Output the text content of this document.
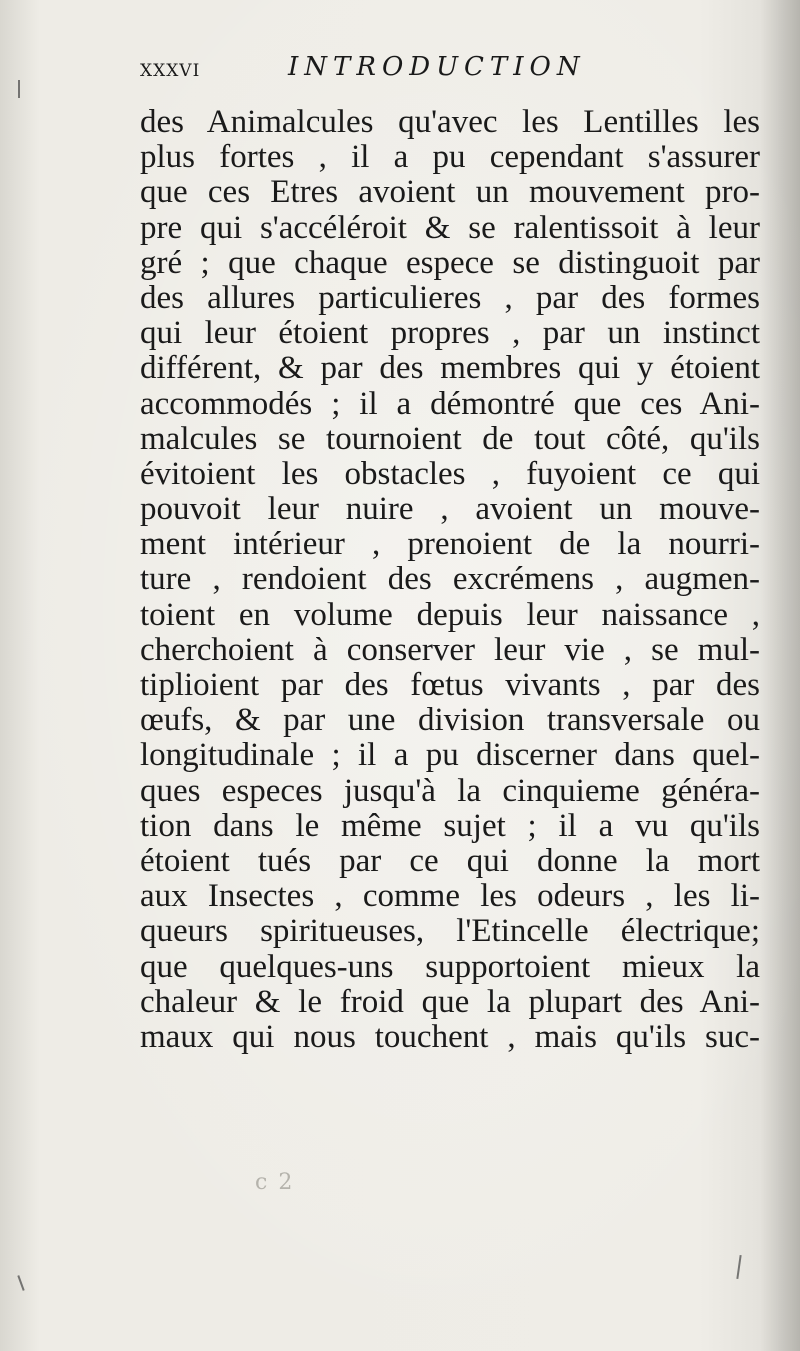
xxxvi	INTRODUCTION
des Animalcules qu'avec les Lentilles les
plus fortes , il a pu cependant s'assurer
que ces Etres avoient un mouvement pro-
pre qui s'accéléroit & se ralentissoit à leur
gré ; que chaque espece se distinguoit par
des allures particulieres , par des formes
qui leur étoient propres , par un instinct
différent, & par des membres qui y étoient
accommodés ; il a démontré que ces Ani-
malcules se tournoient de tout côté, qu'ils
évitoient les obstacles , fuyoient ce qui
pouvoit leur nuire , avoient un mouve-
ment intérieur , prenoient de la nourri-
ture , rendoient des excrémens , augmen-
toient en volume depuis leur naissance ,
cherchoient à conserver leur vie , se mul-
tiplioient par des fœtus vivants , par des
œufs, & par une division transversale ou
longitudinale ; il a pu discerner dans quel-
ques especes jusqu'à la cinquieme généra-
tion dans le même sujet ; il a vu qu'ils
étoient tués par ce qui donne la mort
aux Insectes , comme les odeurs , les li-
queurs spiritueuses, l'Etincelle électrique;
que quelques-uns supportoient mieux la
chaleur & le froid que la plupart des Ani-
maux qui nous touchent , mais qu'ils suc-
c 2
